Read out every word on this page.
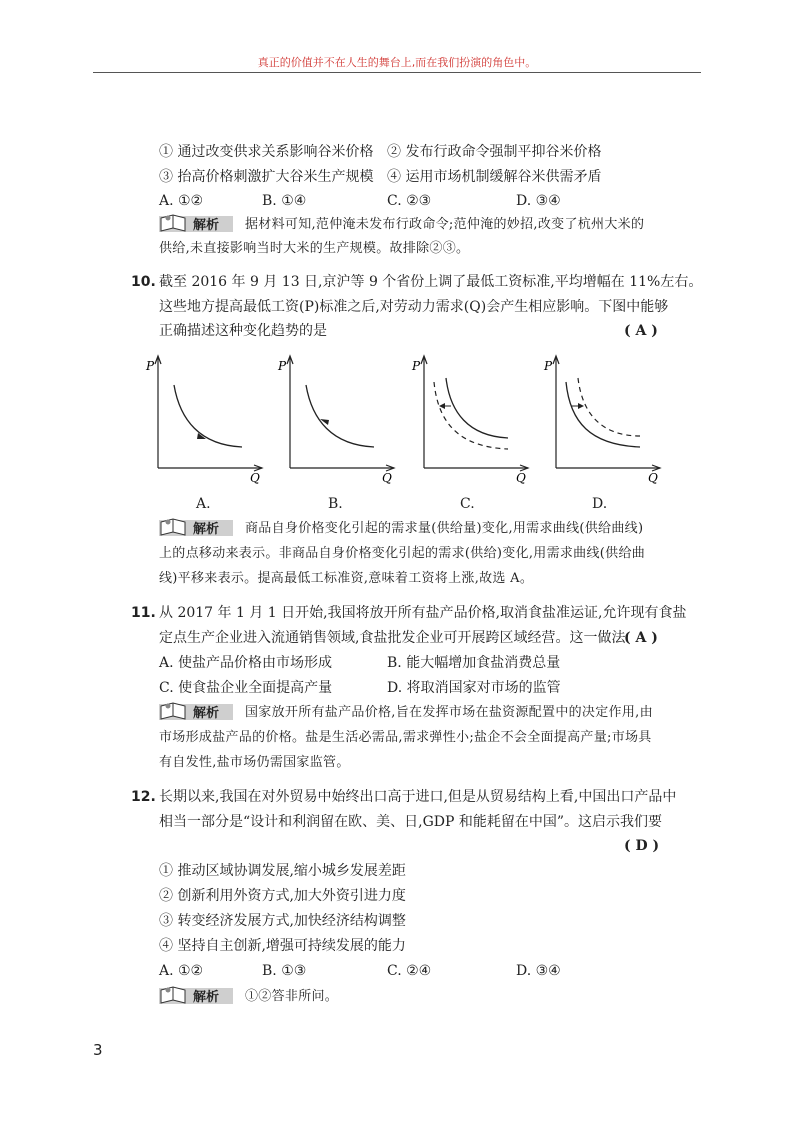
真正的价值并不在人生的舞台上,而在我们扮演的角色中。
① 通过改变供求关系影响谷米价格 ② 发布行政命令强制平抑谷米价格
③ 抬高价格刺激扩大谷米生产规模 ④ 运用市场机制缓解谷米供需矛盾
A. ①②	B. ①④	C. ②③	D. ③④
解析 据材料可知,范仲淹未发布行政命令;范仲淹的妙招,改变了杭州大米的
供给,未直接影响当时大米的生产规模。故排除②③。
10. 截至 2016 年 9 月 13 日,京沪等 9 个省份上调了最低工资标准,平均增幅在 11%左右。
这些地方提高最低工资(P)标准之后,对劳动力需求(Q)会产生相应影响。下图中能够
正确描述这种变化趋势的是	( A )
P
Q
A.
P
Q
B.
P
Q
C.
P
Q
D.
解析 商品自身价格变化引起的需求量(供给量)变化,用需求曲线(供给曲线)
上的点移动来表示。非商品自身价格变化引起的需求(供给)变化,用需求曲线(供给曲
线)平移来表示。提高最低工标准资,意味着工资将上涨,故选 A。
11. 从 2017 年 1 月 1 日开始,我国将放开所有盐产品价格,取消食盐准运证,允许现有食盐
定点生产企业进入流通销售领域,食盐批发企业可开展跨区域经营。这一做法
( A )
A. 使盐产品价格由市场形成	B. 能大幅增加食盐消费总量
C. 使食盐企业全面提高产量	D. 将取消国家对市场的监管
解析 国家放开所有盐产品价格,旨在发挥市场在盐资源配置中的决定作用,由
市场形成盐产品的价格。盐是生活必需品,需求弹性小;盐企不会全面提高产量;市场具
有自发性,盐市场仍需国家监管。
12. 长期以来,我国在对外贸易中始终出口高于进口,但是从贸易结构上看,中国出口产品中
相当一部分是“设计和利润留在欧、美、日,GDP 和能耗留在中国”。这启示我们要
( D )
① 推动区域协调发展,缩小城乡发展差距
② 创新利用外资方式,加大外资引进力度
③ 转变经济发展方式,加快经济结构调整
④ 坚持自主创新,增强可持续发展的能力
A. ①②	B. ①③	C. ②④	D. ③④
解析 ①②答非所问。
3
